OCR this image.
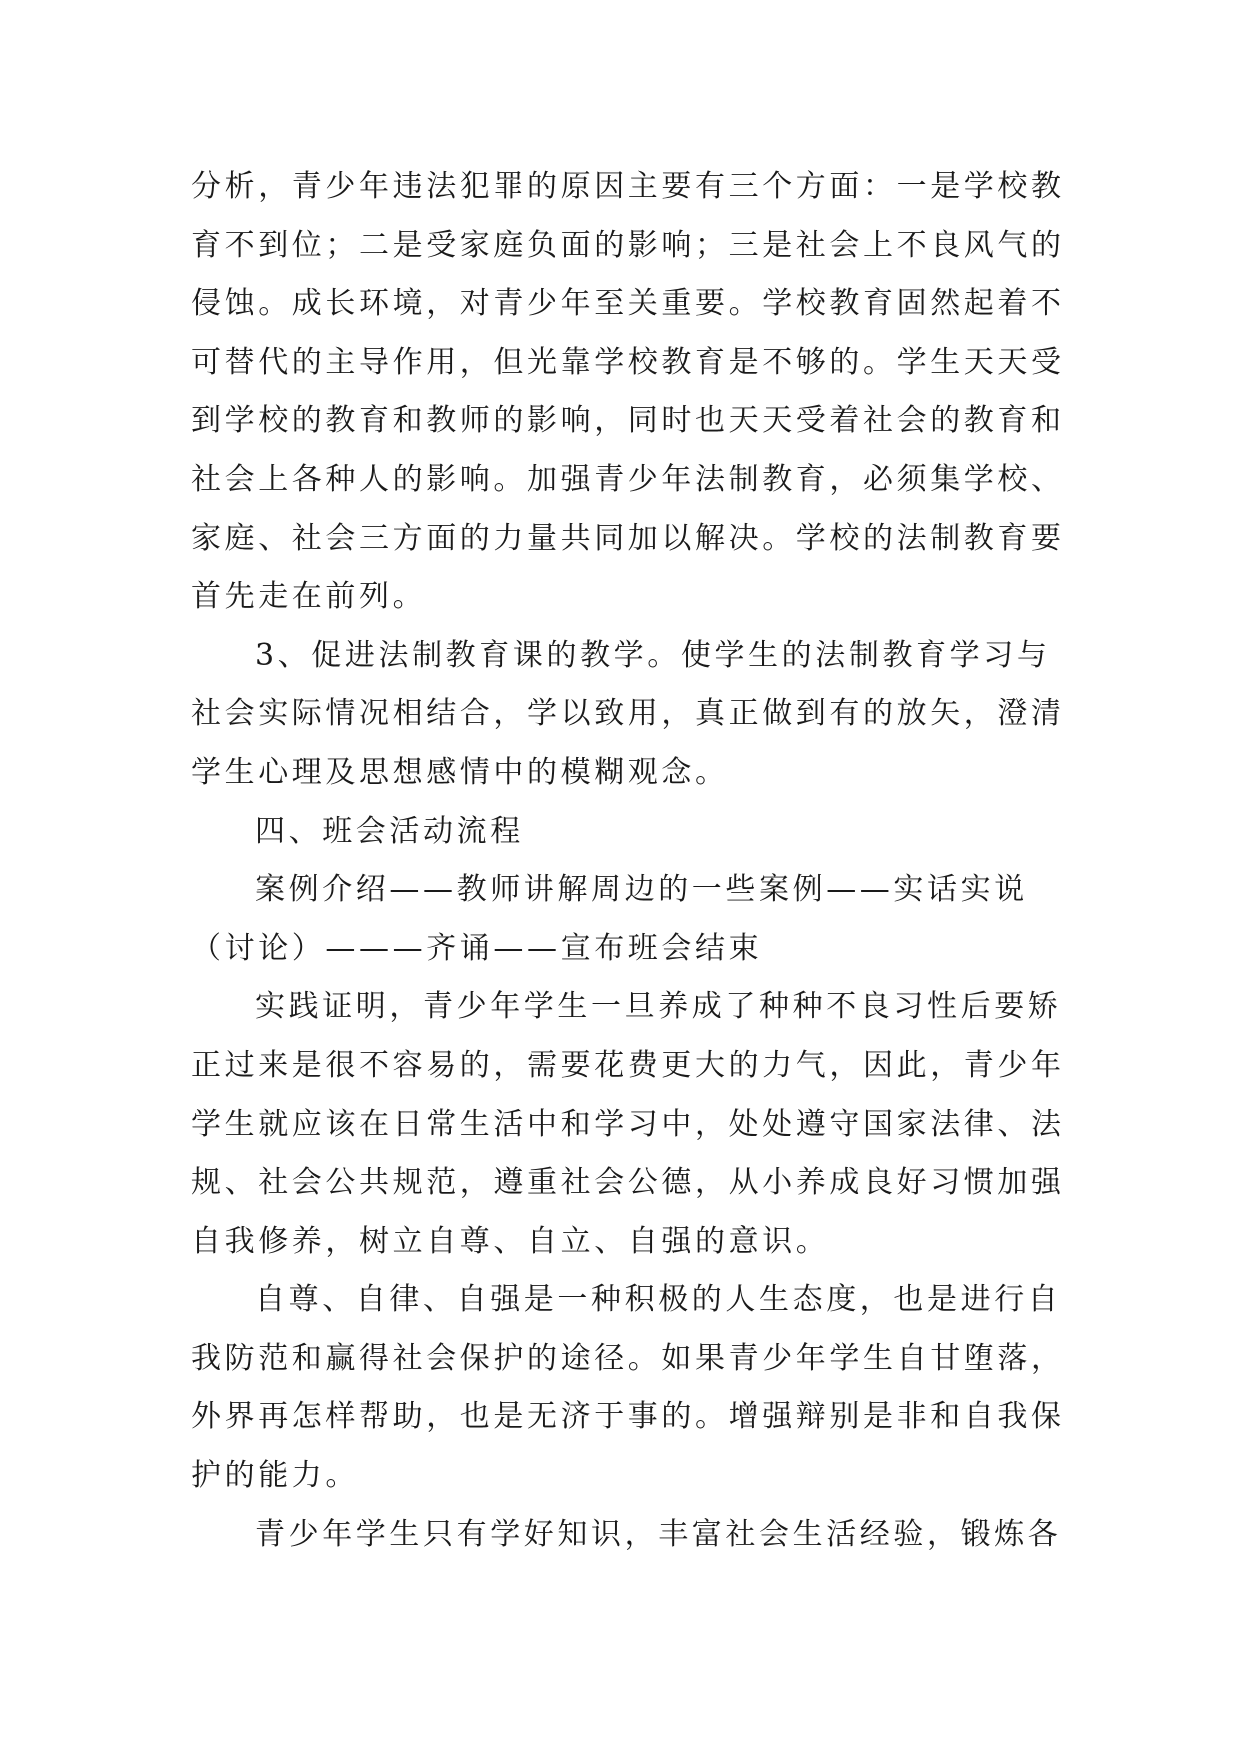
分析，青少年违法犯罪的原因主要有三个方面：一是学校教
育不到位；二是受家庭负面的影响；三是社会上不良风气的
侵蚀。成长环境，对青少年至关重要。学校教育固然起着不
可替代的主导作用，但光靠学校教育是不够的。学生天天受
到学校的教育和教师的影响，同时也天天受着社会的教育和
社会上各种人的影响。加强青少年法制教育，必须集学校、
家庭、社会三方面的力量共同加以解决。学校的法制教育要
首先走在前列。
3、促进法制教育课的教学。使学生的法制教育学习与
社会实际情况相结合，学以致用，真正做到有的放矢，澄清
学生心理及思想感情中的模糊观念。
四、班会活动流程
案例介绍——教师讲解周边的一些案例——实话实说
（讨论）———齐诵——宣布班会结束
实践证明，青少年学生一旦养成了种种不良习性后要矫
正过来是很不容易的，需要花费更大的力气，因此，青少年
学生就应该在日常生活中和学习中，处处遵守国家法律、法
规、社会公共规范，遵重社会公德，从小养成良好习惯加强
自我修养，树立自尊、自立、自强的意识。
自尊、自律、自强是一种积极的人生态度，也是进行自
我防范和赢得社会保护的途径。如果青少年学生自甘堕落，
外界再怎样帮助，也是无济于事的。增强辩别是非和自我保
护的能力。
青少年学生只有学好知识，丰富社会生活经验，锻炼各
